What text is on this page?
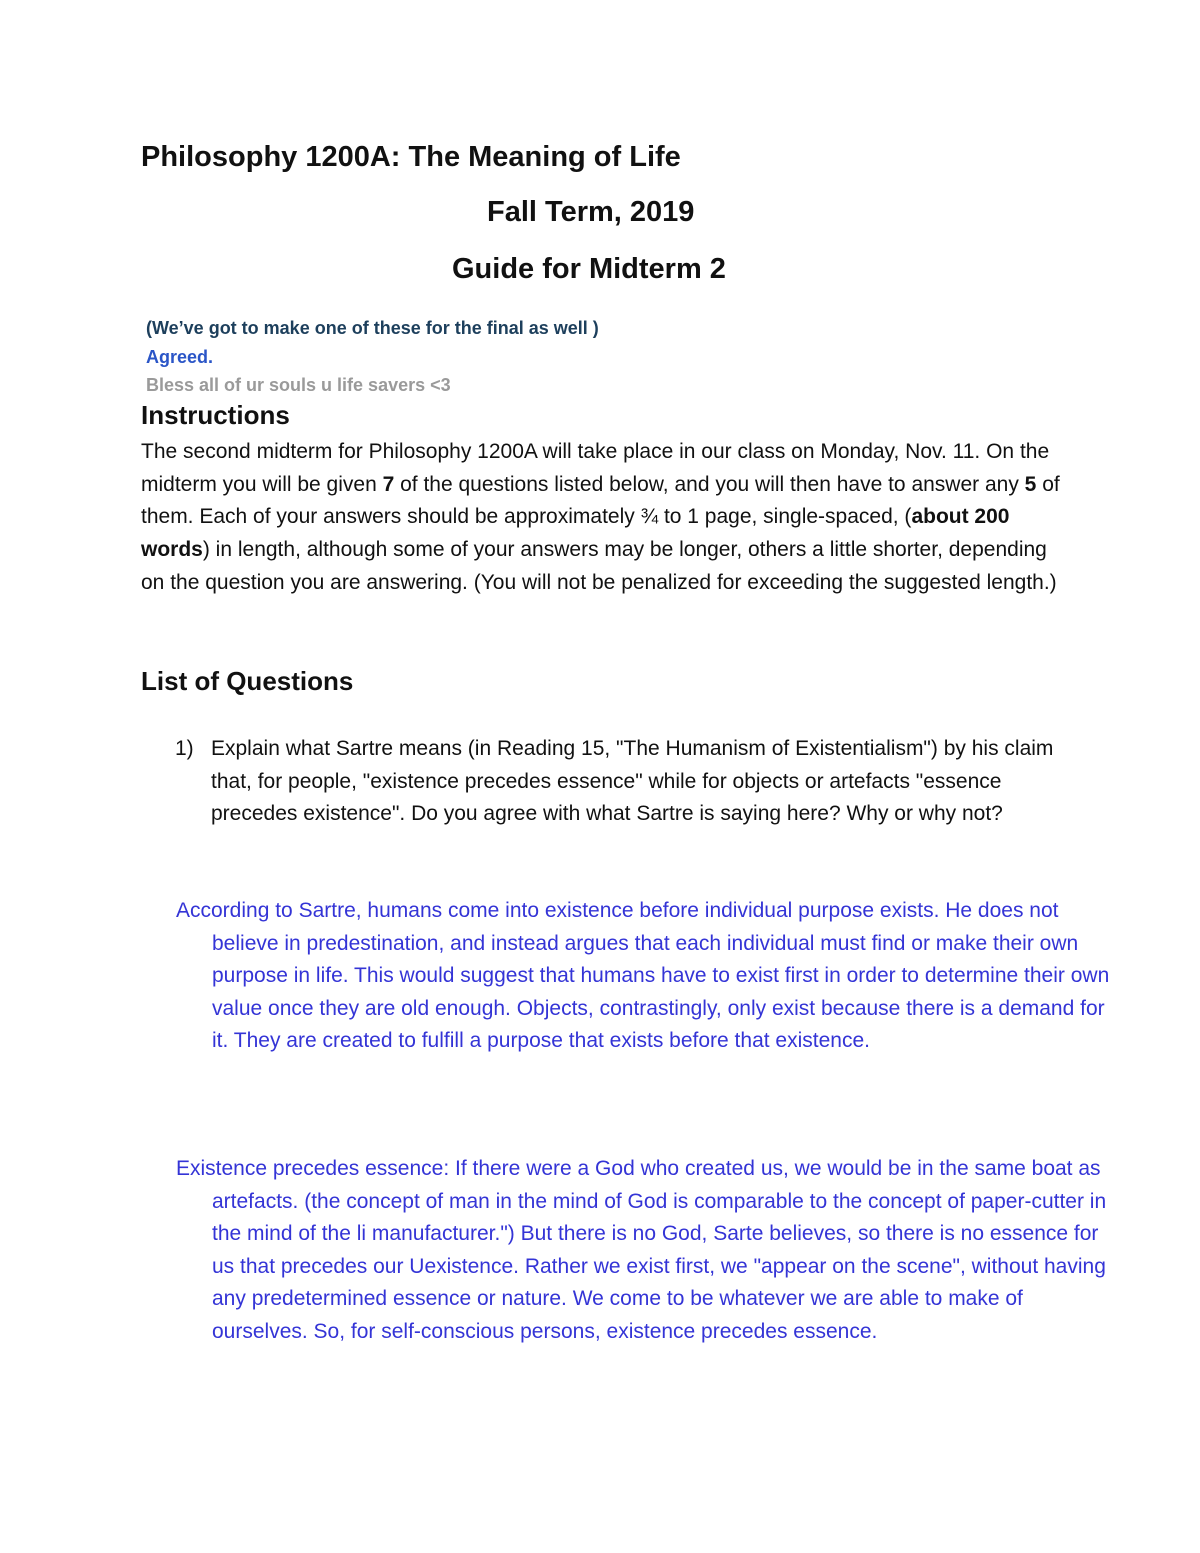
Philosophy 1200A: The Meaning of Life
Fall Term, 2019
Guide for Midterm 2
(We’ve got to make one of these for the final as well )
Agreed.
Bless all of ur souls u life savers <3
Instructions

The second midterm for Philosophy 1200A will take place in our class on Monday, Nov. 11. On the midterm you will be given 7 of the questions listed below, and you will then have to answer any 5 of them. Each of your answers should be approximately ¾ to 1 page, single-spaced, (about 200 words) in length, although some of your answers may be longer, others a little shorter, depending on the question you are answering. (You will not be penalized for exceeding the suggested length.)

List of Questions
1) Explain what Sartre means (in Reading 15, "The Humanism of Existentialism") by his claim that, for people, "existence precedes essence" while for objects or artefacts "essence precedes existence". Do you agree with what Sartre is saying here? Why or why not?

According to Sartre, humans come into existence before individual purpose exists. He does not believe in predestination, and instead argues that each individual must find or make their own purpose in life. This would suggest that humans have to exist first in order to determine their own value once they are old enough. Objects, contrastingly, only exist because there is a demand for it. They are created to fulfill a purpose that exists before that existence.

Existence precedes essence: If there were a God who created us, we would be in the same boat as artefacts. (the concept of man in the mind of God is comparable to the concept of paper-cutter in the mind of the li manufacturer.") But there is no God, Sarte believes, so there is no essence for us that precedes our Uexistence. Rather we exist first, we "appear on the scene", without having any predetermined essence or nature. We come to be whatever we are able to make of ourselves. So, for self-conscious persons, existence precedes essence.
